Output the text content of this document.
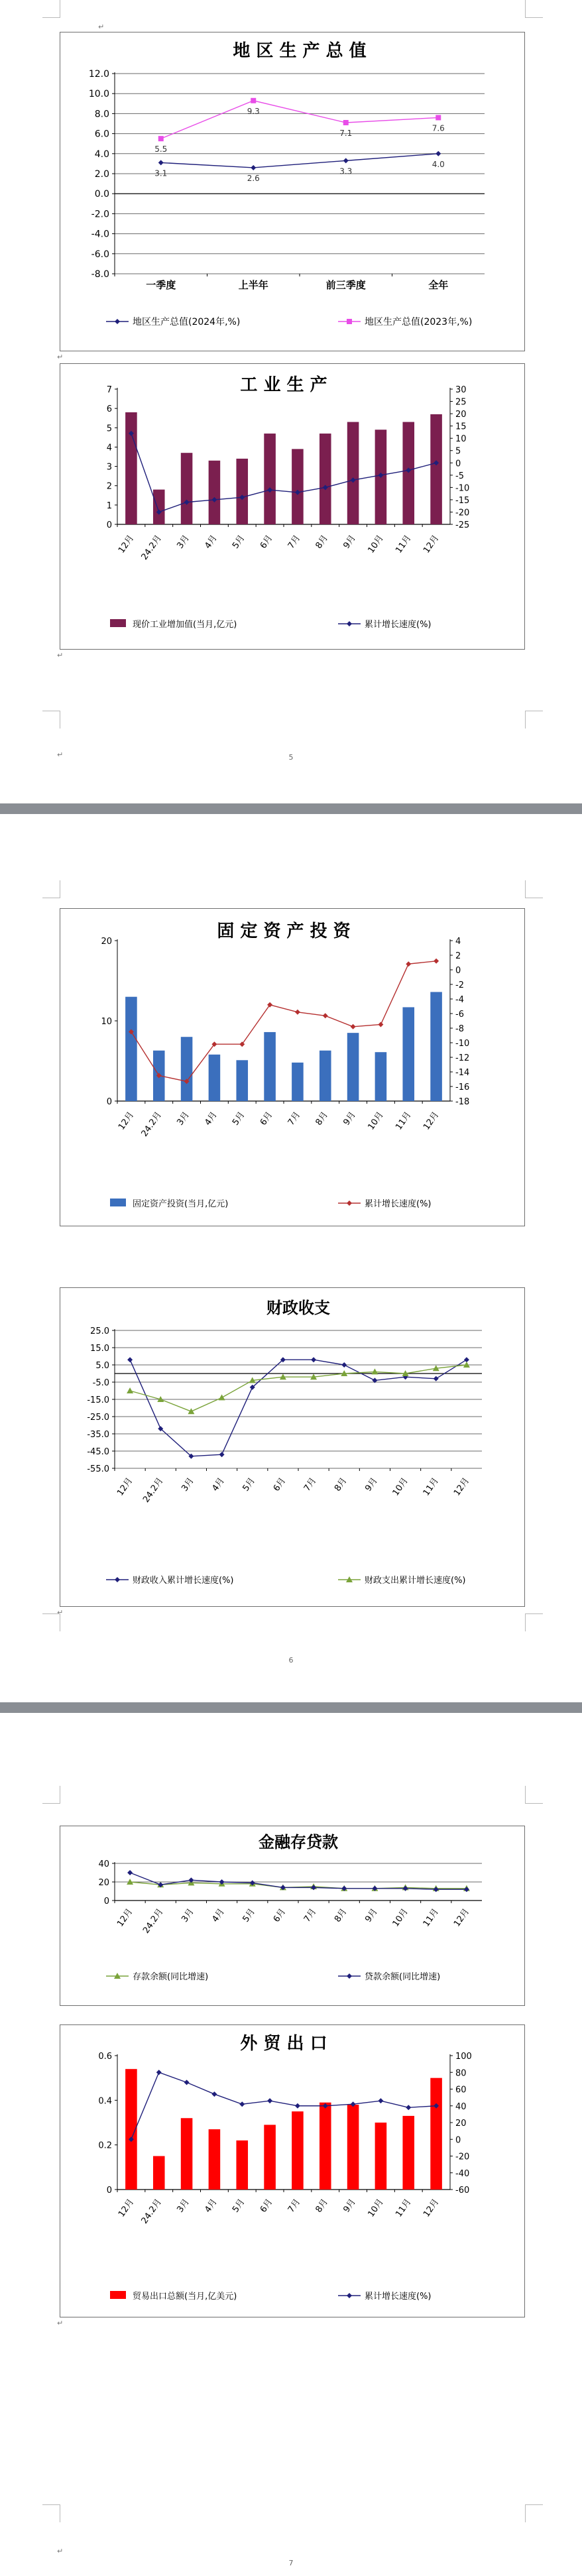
↵
地 区 生 产 总 值
-8.0
-6.0
-4.0
-2.0
0.0
2.0
4.0
6.0
8.0
10.0
12.0
一季度	上半年	前三季度	全年
3.1
2.6
3.3
4.0
5.5
9.3
7.1
7.6
地区生产总值(2024年,%)	地区生产总值(2023年,%)
↵
工 业 生 产
0
1
2
3
4
5
6
7
-25
-20
-15
-10
-5
0
5
10
15
20
25
30
12月 24.2月 3月 4月 5月 6月 7月 8月 9月 10月 11月 12月
现价工业增加值(当月,亿元)	累计增长速度(%)
↵
↵	5
固 定 资 产 投 资
0
10
20
-18
-16
-14
-12
-10
-8
-6
-4
-2
0
2
4
12月 24.2月 3月 4月 5月 6月 7月 8月 9月 10月 11月 12月
固定资产投资(当月,亿元)	累计增长速度(%)
财政收支
-55.0
-45.0
-35.0
-25.0
-15.0
-5.0
5.0
15.0
25.0
12月 24.2月 3月 4月 5月 6月 7月 8月 9月 10月 11月 12月
财政收入累计增长速度(%)	财政支出累计增长速度(%)
↵
6
金融存贷款
0
20
40
12月 24.2月 3月 4月 5月 6月 7月 8月 9月 10月 11月 12月
存款余额(同比增速)	贷款余额(同比增速)
外 贸 出 口
0
0.2
0.4
0.6
-60
-40
-20
0
20
40
60
80
100
12月 24.2月 3月 4月 5月 6月 7月 8月 9月 10月 11月 12月
贸易出口总额(当月,亿美元)	累计增长速度(%)
↵
↵
7
